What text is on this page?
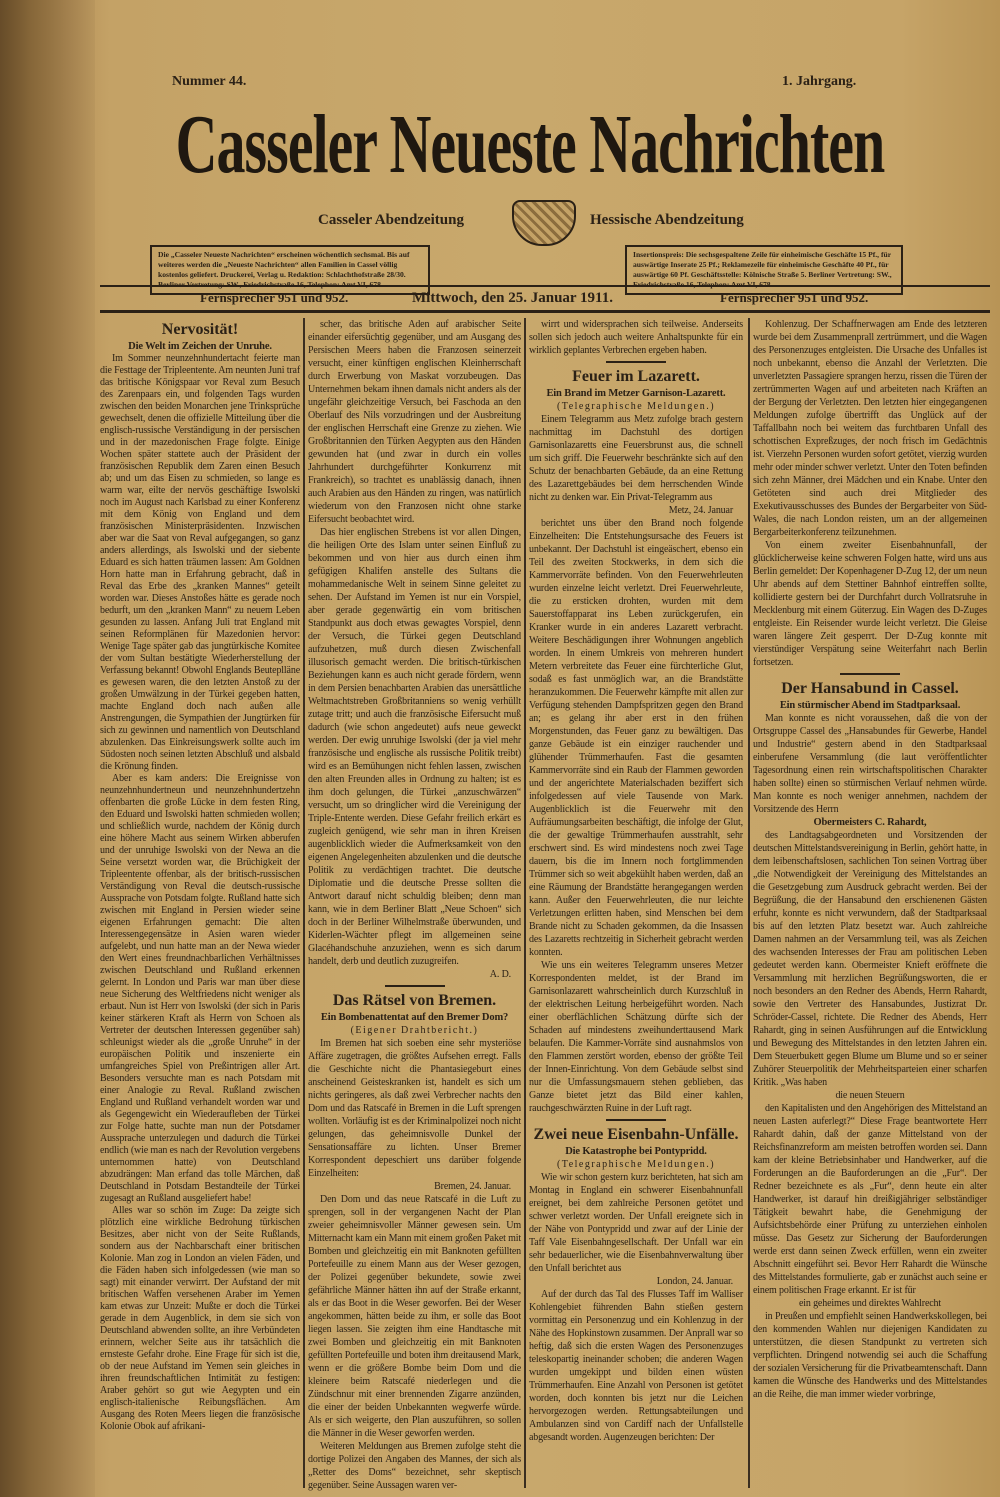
Nummer 44.	1. Jahrgang.
Casseler Neueste Nachrichten
Casseler Abendzeitung	Hessische Abendzeitung
Die „Casseler Neueste Nachrichten“ erscheinen wöchentlich sechsmal. Bis auf weiteres werden die „Neueste Nachrichten“ allen Familien in Cassel völlig kostenlos geliefert. Druckerei, Verlag u. Redaktion: Schlachthofstraße 28/30.
Insertionspreis: Die sechsgespaltene Zeile für einheimische Geschäfte 15 Pf., für auswärtige Inserate 25 Pf.; Reklamezeile für einheimische Geschäfte 40 Pf., für auswärtige 60 Pf. Geschäftsstelle: Kölnische Straße 5. Berliner Vertretung: SW.,
Fernsprecher 951 und 952.	Mittwoch, den 25. Januar 1911.	Fernsprecher 951 und 952.
Nervosität!
Die Welt im Zeichen der Unruhe.

Im Sommer neunzehnhundertacht feierte man die Festtage der Tripleentente. Am neunten Juni traf das britische Königspaar vor Reval zum Besuch des Zarenpaars ein, und folgenden Tags wurden zwischen den beiden Monarchen jene Trinksprüche gewechselt, denen die offizielle Mitteilung über die englisch-russische Verständigung in der persischen und in der mazedonischen Frage folgte. Einige Wochen später stattete auch der Präsident der französischen Republik dem Zaren einen Besuch ab; und um das Eisen zu schmieden, so lange es warm war, eilte der nervös geschäftige Iswolski noch im August nach Karlsbad zu einer Konferenz mit dem König von England und dem französischen Ministerpräsidenten. Inzwischen aber war die Saat von Reval aufgegangen, so ganz anders allerdings, als Iswolski und der siebente Eduard es sich hatten träumen lassen: Am Goldnen Horn hatte man in Erfahrung gebracht, daß in Reval das Erbe des „kranken Mannes“ geteilt worden war. Dieses Anstoßes hätte es gerade noch bedurft, um den „kranken Mann“ zu neuem Leben gesunden zu lassen. Anfang Juli trat England mit seinen Reformplänen für Mazedonien hervor: Wenige Tage später gab das jungtürkische Komitee der vom Sultan bestätigte Wiederherstellung der Verfassung bekannt! Obwohl Englands Beuteplläne es gewesen waren, die den letzten Anstoß zu der großen Umwälzung in der Türkei gegeben hatten, machte England doch nach außen alle Anstrengungen, die Sympathien der Jungtürken für sich zu gewinnen und namentlich von Deutschland abzulenken. Das Einkreisungswerk sollte auch im Südosten noch seinen letzten Abschluß und alsbald die Krönung finden.

Aber es kam anders: Die Ereignisse von neunzehnhundertneun und neunzehnhundertzehn offenbarten die große Lücke in dem festen Ring, den Eduard und Iswolski hatten schmieden wollen; und schließlich wurde, nachdem der König durch eine höhere Macht aus seinem Wirken abberufen und der unruhige Iswolski von der Newa an die Seine versetzt worden war, die Brüchigkeit der Tripleentente offenbar, als der britisch-russischen Verständigung von Reval die deutsch-russische Aussprache von Potsdam folgte. Rußland hatte sich zwischen mit England in Persien wieder seine eigenen Erfahrungen gemacht: Die alten Interessengegensätze in Asien waren wieder aufgelebt, und nun hatte man an der Newa wieder den Wert eines freundnachbarlichen Verhältnisses zwischen Deutschland und Rußland erkennen gelernt. In London und Paris war man über diese neue Sicherung des Weltfriedens nicht weniger als erbaut. Nun ist Herr von Iswolski (der sich in Paris keiner stärkeren Kraft als Herrn von Schoen als Vertreter der deutschen Interessen gegenüber sah) schleunigst wieder als die „große Unruhe“ in der europäischen Politik und inszenierte ein umfangreiches Spiel von Preßintrigen aller Art. Besonders versuchte man es nach Potsdam mit einer Analogie zu Reval. Rußland zwischen England und Rußland verhandelt worden war und als Gegengewicht ein Wiederaufleben der Türkei zur Folge hatte, suchte man nun der Potsdamer Aussprache unterzulegen und dadurch die Türkei endlich (wie man es nach der Revolution vergebens unternommen hatte) von Deutschland abzudrängen: Man erfand das tolle Märchen, daß Deutschland in Potsdam Bestandteile der Türkei zugesagt an Rußland ausgeliefert habe!

Alles war so schön im Zuge: Da zeigte sich plötzlich eine wirkliche Bedrohung türkischen Besitzes, aber nicht von der Seite Rußlands, sondern aus der Nachbarschaft einer britischen Kolonie. Man zog in London an vielen Fäden, und die Fäden haben sich infolgedessen (wie man so sagt) mit einander verwirrt. Der Aufstand der mit britischen Waffen versehenen Araber im Yemen kam etwas zur Unzeit: Mußte er doch die Türkei gerade in dem Augenblick, in dem sie sich von Deutschland abwenden sollte, an ihre Verbündeten erinnern, welcher Seite aus ihr tatsächlich die ernsteste Gefahr drohe. Eine Frage für sich ist die, ob der neue Aufstand im Yemen sein gleiches in ihren freundschaftlichen Intimität zu festigen: Araber gehört so gut wie Aegypten und ein englisch-italienische Reibungsflächen. Am Ausgang des Roten Meers liegen die französische Kolonie Obok auf afrikani-

scher, das britische Aden auf arabischer Seite einander eifersüchtig gegenüber, und am Ausgang des Persischen Meers haben die Franzosen seinerzeit versucht, einer künftigen englischen Kleinherrschaft durch Erwerbung von Maskat vorzubeugen. Das Unternehmen bekam ihnen damals nicht anders als der ungefähr gleichzeitige Versuch, bei Faschoda an den Oberlauf des Nils vorzudringen und der Ausbreitung der englischen Herrschaft eine Grenze zu ziehen. Wie Großbritannien den Türken Aegypten aus den Händen gewunden hat (und zwar in durch ein volles Jahrhundert durchgeführter Konkurrenz mit Frankreich), so trachtet es unablässig danach, ihnen auch Arabien aus den Händen zu ringen, was natürlich wiederum von den Franzosen nicht ohne starke Eifersucht beobachtet wird.

Das hier englischen Strebens ist vor allen Dingen, die heiligen Orte des Islam unter seinen Einfluß zu bekommen und von hier aus durch einen ihm gefügigen Khalifen anstelle des Sultans die mohammedanische Welt in seinem Sinne geleitet zu sehen. Der Aufstand im Yemen ist nur ein Vorspiel, aber gerade gegenwärtig ein vom britischen Standpunkt aus doch etwas gewagtes Vorspiel, denn der Versuch, die Türkei gegen Deutschland aufzuhetzen, muß durch diesen Zwischenfall illusorisch gemacht werden. Die britisch-türkischen Beziehungen kann es auch nicht gerade fördern, wenn in dem Persien benachbarten Arabien das unersättliche Weltmachtstreben Großbritanniens so wenig verhüllt zutage tritt; und auch die französische Eifersucht muß dadurch (wie schon angedeutet) aufs neue geweckt werden. Der ewig unruhige Iswolski (der ja viel mehr französische und englische als russische Politik treibt) wird es an Bemühungen nicht fehlen lassen, zwischen den alten Freunden alles in Ordnung zu halten; ist es ihm doch gelungen, die Türkei „anzuschwärzen“ versucht, um so dringlicher wird die Vereinigung der Triple-Entente werden. Diese Gefahr freilich erkärt es zugleich genügend, wie sehr man in ihren Kreisen augenblicklich wieder die Aufmerksamkeit von den eigenen Angelegenheiten abzulenken und die deutsche Politik zu verdächtigen trachtet. Die deutsche Diplomatie und die deutsche Presse sollten die Antwort darauf nicht schuldig bleiben; denn man kann, wie in dem Berliner Blatt „Neue Schoen“ sich doch in der Berliner Wilhelmstraße überwunden, und Kiderlen-Wächter pflegt im allgemeinen seine Glacéhandschuhe anzuziehen, wenn es sich darum handelt, derb und deutlich zuzugreifen.

A. D.
Das Rätsel von Bremen.
Ein Bombenattentat auf den Bremer Dom?
(Eigener Drahtbericht.)

Im Bremen hat sich soeben eine sehr mysteriöse Affäre zugetragen, die größtes Aufsehen erregt. Falls die Geschichte nicht die Phantasiegeburt eines anscheinend Geisteskranken ist, handelt es sich um nichts geringeres, als daß zwei Verbrecher nachts den Dom und das Ratscafé in Bremen in die Luft sprengen wollten. Vorläufig ist es der Kriminalpolizei noch nicht gelungen, das geheimnisvolle Dunkel der Sensationsaffäre zu lichten. Unser Bremer Korrespondent depeschiert uns darüber folgende Einzelheiten:

Bremen, 24. Januar.

Den Dom und das neue Ratscafé in die Luft zu sprengen, soll in der vergangenen Nacht der Plan zweier geheimnisvoller Männer gewesen sein. Um Mitternacht kam ein Mann mit einem großen Paket mit Bomben und gleichzeitig ein mit Banknoten gefüllten Portefeuille zu einem Mann aus der Weser gezogen, der Polizei gegenüber bekundete, sowie zwei gefährliche Männer hätten ihn auf der Straße erkannt, als er das Boot in die Weser geworfen. Bei der Weser angekommen, hätten beide zu ihm, er solle das Boot liegen lassen. Sie zeigten ihm eine Handtasche mit zwei Bomben und gleichzeitig ein mit Banknoten gefüllten Portefeuille und boten ihm dreitausend Mark, wenn er die größere Bombe beim Dom und die kleinere beim Ratscafé niederlegen und die Zündschnur mit einer brennenden Zigarre anzünden, die einer der beiden Unbekannten wegwerfe würde. Als er sich weigerte, den Plan auszuführen, so sollen die Männer in die Weser geworfen werden.

Weiteren Meldungen aus Bremen zufolge steht die dortige Polizei den Angaben des Mannes, der sich als „Retter des Doms“ bezeichnet, sehr skeptisch gegenüber. Seine Aussagen waren ver-

wirrt und widersprachen sich teilweise. Anderseits sollen sich jedoch auch weitere Anhaltspunkte für ein wirklich geplantes Verbrechen ergeben haben.

Feuer im Lazarett.
Ein Brand im Metzer Garnison-Lazarett.
(Telegraphische Meldungen.)

Einem Telegramm aus Metz zufolge brach gestern nachmittag im Dachstuhl des dortigen Garnisonlazaretts eine Feuersbrunst aus, die schnell um sich griff. Die Feuerwehr beschränkte sich auf den Schutz der benachbarten Gebäude, da an eine Rettung des Lazarettgebäudes bei dem herrschenden Winde nicht zu denken war. Ein Privat-Telegramm aus

Metz, 24. Januar

berichtet uns über den Brand noch folgende Einzelheiten: Die Entstehungsursache des Feuers ist unbekannt. Der Dachstuhl ist eingeäschert, ebenso ein Teil des zweiten Stockwerks, in dem sich die Kammervorräte befinden. Von den Feuerwehrleuten wurden einzelne leicht verletzt. Drei Feuerwehrleute, die zu ersticken drohten, wurden mit dem Sauerstoffapparat ins Leben zurückgerufen, ein Kranker wurde in ein anderes Lazarett verbracht. Weitere Beschädigungen ihrer Wohnungen angeblich worden. In einem Umkreis von mehreren hundert Metern verbreitete das Feuer eine fürchterliche Glut, sodaß es fast unmöglich war, an die Brandstätte heranzukommen. Die Feuerwehr kämpfte mit allen zur Verfügung stehenden Dampfspritzen gegen den Brand an; es gelang ihr aber erst in den frühen Morgenstunden, das Feuer ganz zu bewältigen. Das ganze Gebäude ist ein einziger rauchender und glühender Trümmerhaufen. Fast die gesamten Kammervorräte sind ein Raub der Flammen geworden und der angerichtete Materialschaden beziffert sich infolgedessen auf viele Tausende von Mark. Augenblicklich ist die Feuerwehr mit den Aufräumungsarbeiten beschäftigt, die infolge der Glut, die der gewaltige Trümmerhaufen ausstrahlt, sehr erschwert sind. Es wird mindestens noch zwei Tage dauern, bis die im Innern noch fortglimmenden Trümmer sich so weit abgekühlt haben werden, daß an eine Räumung der Brandstätte herangegangen werden kann. Außer den Feuerwehrleuten, die nur leichte Verletzungen erlitten haben, sind Menschen bei dem Brande nicht zu Schaden gekommen, da die Insassen des Lazaretts rechtzeitig in Sicherheit gebracht werden konnten.

Wie uns ein weiteres Telegramm unseres Metzer Korrespondenten meldet, ist der Brand im Garnisonlazarett wahrscheinlich durch Kurzschluß in der elektrischen Leitung herbeigeführt worden. Nach einer oberflächlichen Schätzung dürfte sich der Schaden auf mindestens zweihunderttausend Mark belaufen. Die Kammer-Vorräte sind ausnahmslos von den Flammen zerstört worden, ebenso der größte Teil der Innen-Einrichtung. Von dem Gebäude selbst sind nur die Umfassungsmauern stehen geblieben, das Ganze bietet jetzt das Bild einer kahlen, rauchgeschwärzten Ruine in der Luft ragt.

Zwei neue Eisenbahn-Unfälle.
Die Katastrophe bei Pontypridd.
(Telegraphische Meldungen.)

Wie wir schon gestern kurz berichteten, hat sich am Montag in England ein schwerer Eisenbahnunfall ereignet, bei dem zahlreiche Personen getötet und schwer verletzt worden. Der Unfall ereignete sich in der Nähe von Pontypridd und zwar auf der Linie der Taff Vale Eisenbahngesellschaft. Der Unfall war ein sehr bedauerlicher, wie die Eisenbahnverwaltung über den Unfall berichtet aus

London, 24. Januar.

Auf der durch das Tal des Flusses Taff im Walliser Kohlengebiet führenden Bahn stießen gestern vormittag ein Personenzug und ein Kohlenzug in der Nähe des Hopkinstown zusammen. Der Anprall war so heftig, daß sich die ersten Wagen des Personenzuges teleskopartig ineinander schoben; die anderen Wagen wurden umgekippt und bilden einen wüsten Trümmerhaufen. Eine Anzahl von Personen ist getötet worden, doch konnten bis jetzt nur die Leichen hervorgezogen werden. Rettungsabteilungen und Ambulanzen sind von Cardiff nach der Unfallstelle abgesandt worden. Augenzeugen berichten: Der

Kohlenzug. Der Schaffnerwagen am Ende des letzteren wurde bei dem Zusammenprall zertrümmert, und die Wagen des Personenzuges entgleisten. Die Ursache des Unfalles ist noch unbekannt, ebenso die Anzahl der Verletzten. Die unverletzten Passagiere sprangen herzu, rissen die Türen der zertrümmerten Wagen auf und arbeiteten nach Kräften an der Bergung der Verletzten. Den letzten hier eingegangenen Meldungen zufolge übertrifft das Unglück auf der Taffallbahn noch bei weitem das furchtbaren Unfall des schottischen Expreßzuges, der noch frisch im Gedächtnis ist. Vierzehn Personen wurden sofort getötet, vierzig wurden mehr oder minder schwer verletzt. Unter den Toten befinden sich zehn Männer, drei Mädchen und ein Knabe. Unter den Getöteten sind auch drei Mitglieder des Exekutivausschusses des Bundes der Bergarbeiter von Süd-Wales, die nach London reisten, um an der allgemeinen Bergarbeiterkonferenz teilzunehmen.

Von einem zweiter Eisenbahnunfall, der glücklicherweise keine schweren Folgen hatte, wird uns aus Berlin gemeldet: Der Kopenhagener D-Zug 12, der um neun Uhr abends auf dem Stettiner Bahnhof eintreffen sollte, kollidierte gestern bei der Durchfahrt durch Vollratsruhe in Mecklenburg mit einem Güterzug. Ein Wagen des D-Zuges entgleiste. Ein Reisender wurde leicht verletzt. Die Gleise waren längere Zeit gesperrt. Der D-Zug konnte mit vierstündiger Verspätung seine Weiterfahrt nach Berlin fortsetzen.

Der Hansabund in Cassel.
Ein stürmischer Abend im Stadtparksaal.

Man konnte es nicht voraussehen, daß die von der Ortsgruppe Cassel des „Hansabundes für Gewerbe, Handel und Industrie“ gestern abend in den Stadtparksaal einberufene Versammlung (die laut veröffentlichter Tagesordnung einen rein wirtschaftspolitischen Charakter haben sollte) einen so stürmischen Verlauf nehmen würde. Man konnte es noch weniger annehmen, nachdem der Vorsitzende des Herrn

Obermeisters C. Rahardt,

des Landtagsabgeordneten und Vorsitzenden der deutschen Mittelstandsvereinigung in Berlin, gehört hatte, in dem leibenschaftslosen, sachlichen Ton seinen Vortrag über „die Notwendigkeit der Vereinigung des Mittelstandes an die Gesetzgebung zum Ausdruck gebracht werden. Bei der Begrüßung, die der Hansabund den erschienenen Gästen erfuhr, konnte es nicht verwundern, daß der Stadtparksaal bis auf den letzten Platz besetzt war. Auch zahlreiche Damen nahmen an der Versammlung teil, was als Zeichen des wachsenden Interesses der Frau am politischen Leben gedeutet werden kann. Obermeister Knieft eröffnete die Versammlung mit herzlichen Begrüßungsworten, die er noch besonders an den Redner des Abends, Herrn Rahardt, sowie den Vertreter des Hansabundes, Justizrat Dr. Schröder-Cassel, richtete. Die Redner des Abends, Herr Rahardt, ging in seinen Ausführungen auf die Entwicklung und Bewegung des Mittelstandes in den letzten Jahren ein. Dem Steuerbukett gegen Blume um Blume und so er seiner Zuhörer Steuerpolitik der Mehrheitsparteien einer scharfen Kritik. „Was haben

die neuen Steuern

den Kapitalisten und den Angehörigen des Mittelstand an neuen Lasten auferlegt?“ Diese Frage beantwortete Herr Rahardt dahin, daß der ganze Mittelstand von der Reichsfinanzreform am meisten betroffen worden sei. Dann kam der kleine Betriebsinhaber und Handwerker, auf die Forderungen an die Bauforderungen an die „Fur“. Der Redner bezeichnete es als „Fur“, denn heute ein alter Handwerker, ist darauf hin dreißigjähriger selbständiger Tätigkeit bewahrt habe, die Genehmigung der Aufsichtsbehörde einer Prüfung zu unterziehen einholen müsse. Das Gesetz zur Sicherung der Bauforderungen werde erst dann seinen Zweck erfüllen, wenn ein zweiter Abschnitt eingeführt sei. Bevor Herr Rahardt die Wünsche des Mittelstandes formulierte, gab er zunächst auch seine er einem politischen Frage erkannt. Er ist für

ein geheimes und direktes Wahlrecht

in Preußen und empfiehlt seinen Handwerkskollegen, bei den kommenden Wahlen nur diejenigen Kandidaten zu unterstützen, die diesen Standpunkt zu vertreten sich verpflichten. Dringend notwendig sei auch die Schaffung der sozialen Versicherung für die Privatbeamtenschaft. Dann kamen die Wünsche des Handwerks und des Mittelstandes an die Reihe, die man immer wieder vorbringe,
